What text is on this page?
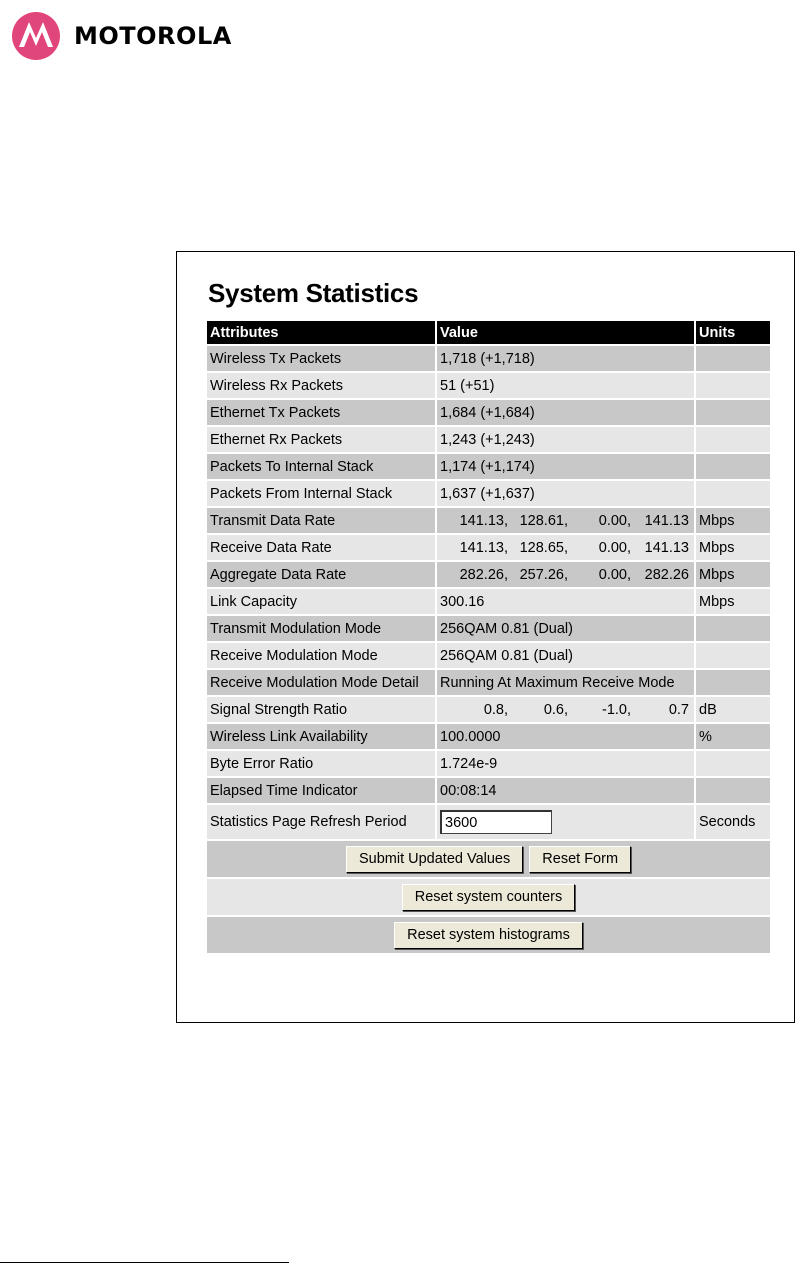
MOTOROLA
System Statistics
Attributes	Value	Units
Wireless Tx Packets	1,718 (+1,718)	
Wireless Rx Packets	51 (+51)	
Ethernet Tx Packets	1,684 (+1,684)	
Ethernet Rx Packets	1,243 (+1,243)	
Packets To Internal Stack	1,174 (+1,174)	
Packets From Internal Stack	1,637 (+1,637)	
Transmit Data Rate	141.13, 128.61, 0.00, 141.13	Mbps
Receive Data Rate	141.13, 128.65, 0.00, 141.13	Mbps
Aggregate Data Rate	282.26, 257.26, 0.00, 282.26	Mbps
Link Capacity	300.16	Mbps
Transmit Modulation Mode	256QAM 0.81 (Dual)	
Receive Modulation Mode	256QAM 0.81 (Dual)	
Receive Modulation Mode Detail	Running At Maximum Receive Mode	
Signal Strength Ratio	0.8, 0.6, -1.0, 0.7	dB
Wireless Link Availability	100.0000	%
Byte Error Ratio	1.724e-9	
Elapsed Time Indicator	00:08:14	
Statistics Page Refresh Period	3600	Seconds
Submit Updated Values Reset Form		
Reset system counters		
Reset system histograms		
